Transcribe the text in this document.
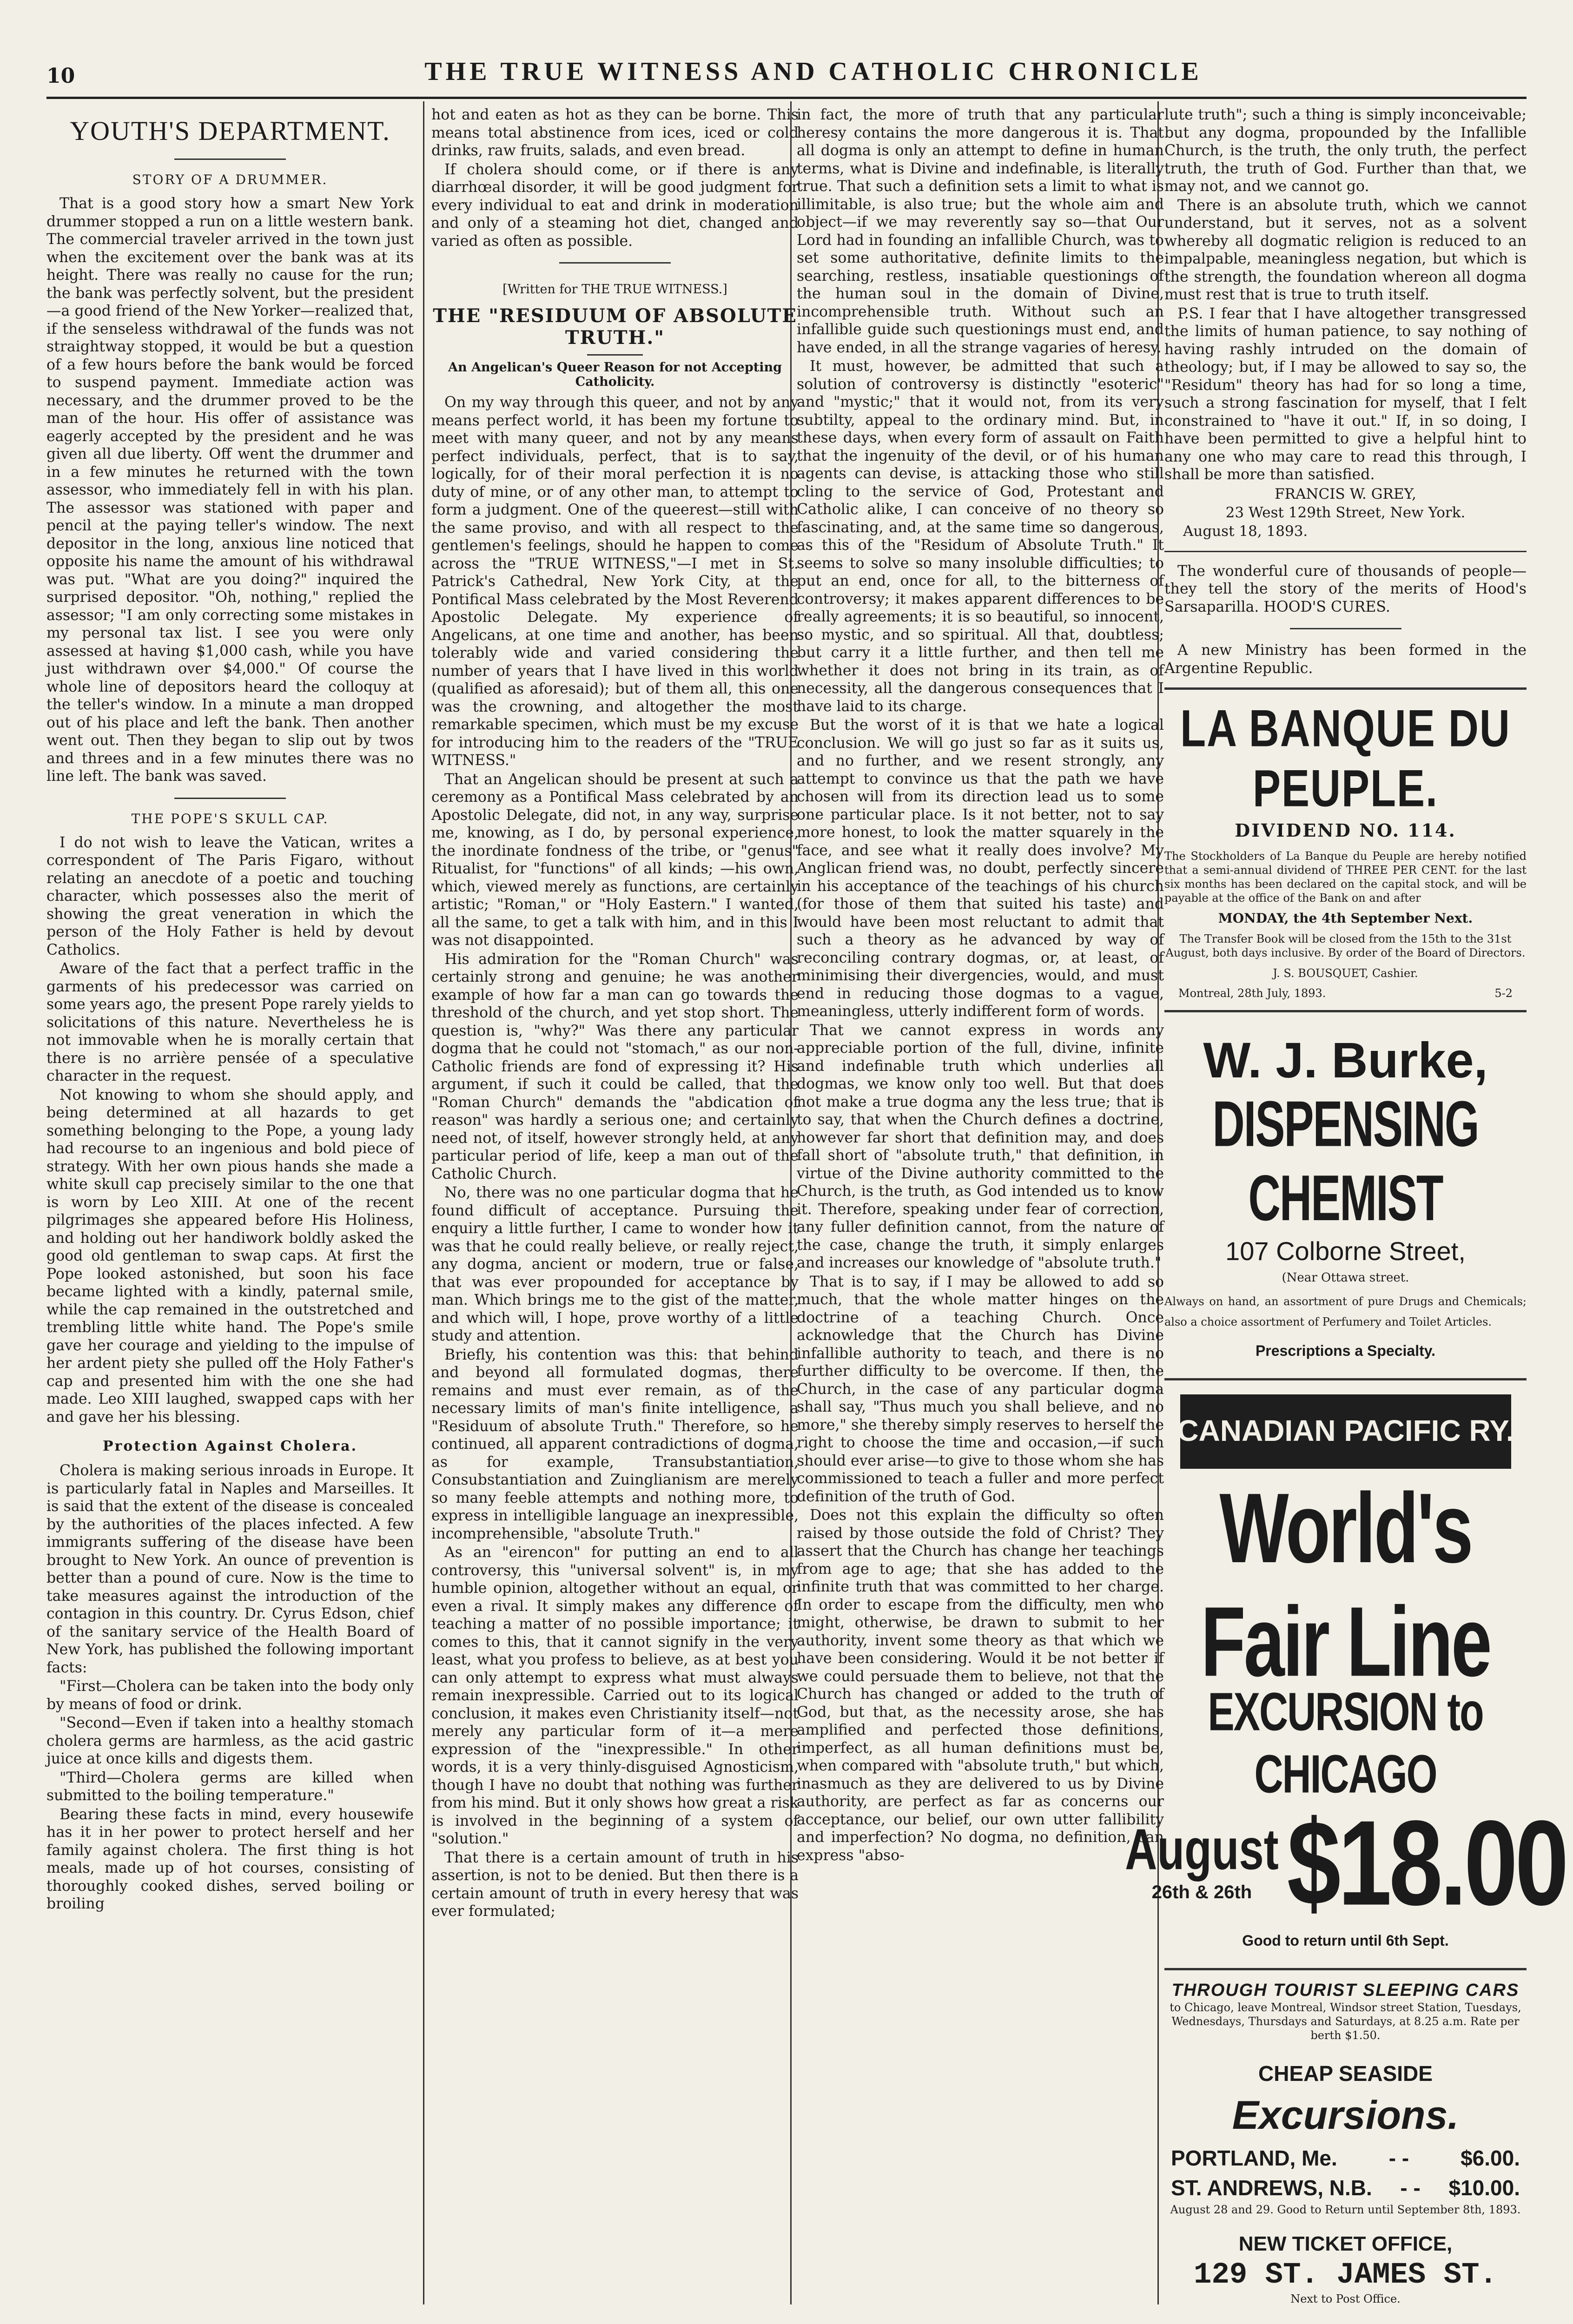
10	THE TRUE WITNESS AND CATHOLIC CHRONICLE
YOUTH'S DEPARTMENT.
STORY OF A DRUMMER.

That is a good story how a smart New York drummer stopped a run on a little western bank. The commercial traveler arrived in the town just when the excitement over the bank was at its height. There was really no cause for the run; the bank was perfectly solvent, but the president—a good friend of the New Yorker—realized that, if the senseless withdrawal of the funds was not straightway stopped, it would be but a question of a few hours before the bank would be forced to suspend payment. Immediate action was necessary, and the drummer proved to be the man of the hour. His offer of assistance was eagerly accepted by the president and he was given all due liberty. Off went the drummer and in a few minutes he returned with the town assessor, who immediately fell in with his plan. The assessor was stationed with paper and pencil at the paying teller's window. The next depositor in the long, anxious line noticed that opposite his name the amount of his withdrawal was put. "What are you doing?" inquired the surprised depositor. "Oh, nothing," replied the assessor; "I am only correcting some mistakes in my personal tax list. I see you were only assessed at having $1,000 cash, while you have just withdrawn over $4,000." Of course the whole line of depositors heard the colloquy at the teller's window. In a minute a man dropped out of his place and left the bank. Then another went out. Then they began to slip out by twos and threes and in a few minutes there was no line left. The bank was saved.

THE POPE'S SKULL CAP.

I do not wish to leave the Vatican, writes a correspondent of The Paris Figaro, without relating an anecdote of a poetic and touching character, which possesses also the merit of showing the great veneration in which the person of the Holy Father is held by devout Catholics.

Aware of the fact that a perfect traffic in the garments of his predecessor was carried on some years ago, the present Pope rarely yields to solicitations of this nature. Nevertheless he is not immovable when he is morally certain that there is no arrière pensée of a speculative character in the request.

Not knowing to whom she should apply, and being determined at all hazards to get something belonging to the Pope, a young lady had recourse to an ingenious and bold piece of strategy. With her own pious hands she made a white skull cap precisely similar to the one that is worn by Leo XIII. At one of the recent pilgrimages she appeared before His Holiness, and holding out her handiwork boldly asked the good old gentleman to swap caps. At first the Pope looked astonished, but soon his face became lighted with a kindly, paternal smile, while the cap remained in the outstretched and trembling little white hand. The Pope's smile gave her courage and yielding to the impulse of her ardent piety she pulled off the Holy Father's cap and presented him with the one she had made. Leo XIII laughed, swapped caps with her and gave her his blessing.

Protection Against Cholera.

Cholera is making serious inroads in Europe. It is particularly fatal in Naples and Marseilles. It is said that the extent of the disease is concealed by the authorities of the places infected. A few immigrants suffering of the disease have been brought to New York. An ounce of prevention is better than a pound of cure. Now is the time to take measures against the introduction of the contagion in this country. Dr. Cyrus Edson, chief of the sanitary service of the Health Board of New York, has published the following important facts:

"First—Cholera can be taken into the body only by means of food or drink.

"Second—Even if taken into a healthy stomach cholera germs are harmless, as the acid gastric juice at once kills and digests them.

"Third—Cholera germs are killed when submitted to the boiling temperature."

Bearing these facts in mind, every housewife has it in her power to protect herself and her family against cholera. The first thing is hot meals, made up of hot courses, consisting of thoroughly cooked dishes, served boiling or broiling

hot and eaten as hot as they can be borne. This means total abstinence from ices, iced or cold drinks, raw fruits, salads, and even bread.

If cholera should come, or if there is any diarrhœal disorder, it will be good judgment for every individual to eat and drink in moderation and only of a steaming hot diet, changed and varied as often as possible.

[Written for THE TRUE WITNESS.]
THE "RESIDUUM OF ABSOLUTE TRUTH."
An Angelican's Queer Reason for not Accepting Catholicity.

On my way through this queer, and not by any means perfect world, it has been my fortune to meet with many queer, and not by any means perfect individuals, perfect, that is to say, logically, for of their moral perfection it is no duty of mine, or of any other man, to attempt to form a judgment. One of the queerest—still with the same proviso, and with all respect to the gentlemen's feelings, should he happen to come across the "TRUE WITNESS,"—I met in St. Patrick's Cathedral, New York City, at the Pontifical Mass celebrated by the Most Reverend Apostolic Delegate. My experience of Angelicans, at one time and another, has been tolerably wide and varied considering the number of years that I have lived in this world (qualified as aforesaid); but of them all, this one was the crowning, and altogether the most remarkable specimen, which must be my excuse for introducing him to the readers of the "TRUE WITNESS."

That an Angelican should be present at such a ceremony as a Pontifical Mass celebrated by an Apostolic Delegate, did not, in any way, surprise me, knowing, as I do, by personal experience, the inordinate fondness of the tribe, or "genus" Ritualist, for "functions" of all kinds; —his own, which, viewed merely as functions, are certainly artistic; "Roman," or "Holy Eastern." I wanted, all the same, to get a talk with him, and in this I was not disappointed.

His admiration for the "Roman Church" was certainly strong and genuine; he was another example of how far a man can go towards the threshold of the church, and yet stop short. The question is, "why?" Was there any particular dogma that he could not "stomach," as our non-Catholic friends are fond of expressing it? His argument, if such it could be called, that the "Roman Church" demands the "abdication of reason" was hardly a serious one; and certainly need not, of itself, however strongly held, at any particular period of life, keep a man out of the Catholic Church.

No, there was no one particular dogma that he found difficult of acceptance. Pursuing the enquiry a little further, I came to wonder how it was that he could really believe, or really reject, any dogma, ancient or modern, true or false, that was ever propounded for acceptance by man. Which brings me to the gist of the matter, and which will, I hope, prove worthy of a little study and attention.

Briefly, his contention was this: that behind and beyond all formulated dogmas, there remains and must ever remain, as of the necessary limits of man's finite intelligence, a "Residuum of absolute Truth." Therefore, so he continued, all apparent contradictions of dogma, as for example, Transubstantiation, Consubstantiation and Zuinglianism are merely so many feeble attempts and nothing more, to express in intelligible language an inexpressible, incomprehensible, "absolute Truth."

As an "eirencon" for putting an end to all controversy, this "universal solvent" is, in my humble opinion, altogether without an equal, or even a rival. It simply makes any difference of teaching a matter of no possible importance; it comes to this, that it cannot signify in the very least, what you profess to believe, as at best you can only attempt to express what must always remain inexpressible. Carried out to its logical conclusion, it makes even Christianity itself—not merely any particular form of it—a mere expression of the "inexpressible." In other words, it is a very thinly-disguised Agnosticism, though I have no doubt that nothing was further from his mind. But it only shows how great a risk is involved in the beginning of a system of "solution."

That there is a certain amount of truth in his assertion, is not to be denied. But then there is a certain amount of truth in every heresy that was ever formulated;

in fact, the more of truth that any particular heresy contains the more dangerous it is. That all dogma is only an attempt to define in human terms, what is Divine and indefinable, is literally true. That such a definition sets a limit to what is illimitable, is also true; but the whole aim and object—if we may reverently say so—that Our Lord had in founding an infallible Church, was to set some authoritative, definite limits to the searching, restless, insatiable questionings of the human soul in the domain of Divine, incomprehensible truth. Without such an infallible guide such questionings must end, and have ended, in all the strange vagaries of heresy.

It must, however, be admitted that such a solution of controversy is distinctly "esoteric" and "mystic;" that it would not, from its very subtilty, appeal to the ordinary mind. But, in these days, when every form of assault on Faith that the ingenuity of the devil, or of his human agents can devise, is attacking those who still cling to the service of God, Protestant and Catholic alike, I can conceive of no theory so fascinating, and, at the same time so dangerous, as this of the "Residum of Absolute Truth." It seems to solve so many insoluble difficulties; to put an end, once for all, to the bitterness of controversy; it makes apparent differences to be really agreements; it is so beautiful, so innocent, so mystic, and so spiritual. All that, doubtless; but carry it a little further, and then tell me whether it does not bring in its train, as of necessity, all the dangerous consequences that I have laid to its charge.

But the worst of it is that we hate a logical conclusion. We will go just so far as it suits us, and no further, and we resent strongly, any attempt to convince us that the path we have chosen will from its direction lead us to some one particular place. Is it not better, not to say more honest, to look the matter squarely in the face, and see what it really does involve? My Anglican friend was, no doubt, perfectly sincere in his acceptance of the teachings of his church (for those of them that suited his taste) and would have been most reluctant to admit that such a theory as he advanced by way of reconciling contrary dogmas, or, at least, of minimising their divergencies, would, and must end in reducing those dogmas to a vague, meaningless, utterly indifferent form of words.

That we cannot express in words any appreciable portion of the full, divine, infinite and indefinable truth which underlies all dogmas, we know only too well. But that does not make a true dogma any the less true; that is to say, that when the Church defines a doctrine, however far short that definition may, and does fall short of "absolute truth," that definition, in virtue of the Divine authority committed to the Church, is the truth, as God intended us to know it. Therefore, speaking under fear of correction, any fuller definition cannot, from the nature of the case, change the truth, it simply enlarges and increases our knowledge of "absolute truth."

That is to say, if I may be allowed to add so much, that the whole matter hinges on the doctrine of a teaching Church. Once acknowledge that the Church has Divine infallible authority to teach, and there is no further difficulty to be overcome. If then, the Church, in the case of any particular dogma shall say, "Thus much you shall believe, and no more," she thereby simply reserves to herself the right to choose the time and occasion,—if such should ever arise—to give to those whom she has commissioned to teach a fuller and more perfect definition of the truth of God.

Does not this explain the difficulty so often raised by those outside the fold of Christ? They assert that the Church has change her teachings from age to age; that she has added to the infinite truth that was committed to her charge. In order to escape from the difficulty, men who might, otherwise, be drawn to submit to her authority, invent some theory as that which we have been considering. Would it be not better if we could persuade them to believe, not that the Church has changed or added to the truth of God, but that, as the necessity arose, she has amplified and perfected those definitions, imperfect, as all human definitions must be, when compared with "absolute truth," but which, inasmuch as they are delivered to us by Divine authority, are perfect as far as concerns our acceptance, our belief, our own utter fallibility and imperfection? No dogma, no definition, can express "abso-

lute truth"; such a thing is simply inconceivable; but any dogma, propounded by the Infallible Church, is the truth, the only truth, the perfect truth, the truth of God. Further than that, we may not, and we cannot go.

There is an absolute truth, which we cannot understand, but it serves, not as a solvent whereby all dogmatic religion is reduced to an impalpable, meaningless negation, but which is the strength, the foundation whereon all dogma must rest that is true to truth itself.

P.S. I fear that I have altogether transgressed the limits of human patience, to say nothing of having rashly intruded on the domain of theology; but, if I may be allowed to say so, the "Residum" theory has had for so long a time, such a strong fascination for myself, that I felt constrained to "have it out." If, in so doing, I have been permitted to give a helpful hint to any one who may care to read this through, I shall be more than satisfied.

FRANCIS W. GREY,
23 West 129th Street, New York.
August 18, 1893.

The wonderful cure of thousands of people—they tell the story of the merits of Hood's Sarsaparilla. HOOD'S CURES.

A new Ministry has been formed in the Argentine Republic.

LA BANQUE DU PEUPLE.
DIVIDEND NO. 114.

The Stockholders of La Banque du Peuple are hereby notified that a semi-annual dividend of THREE PER CENT. for the last six months has been declared on the capital stock, and will be payable at the office of the Bank on and after

MONDAY, the 4th September Next.

The Transfer Book will be closed from the 15th to the 31st August, both days inclusive. By order of the Board of Directors.

J. S. BOUSQUET, Cashier.

Montreal, 28th July, 1893.	5-2
W. J. Burke,
DISPENSING CHEMIST
107 Colborne Street,

(Near Ottawa street.

Always on hand, an assortment of pure Drugs and Chemicals; also a choice assortment of Perfumery and Toilet Articles.

Prescriptions a Specialty.
CANADIAN PACIFIC RY.
World's Fair Line
EXCURSION to CHICAGO
August
26th & 26th $18.00
Good to return until 6th Sept.
THROUGH TOURIST SLEEPING CARS

to Chicago, leave Montreal, Windsor street Station, Tuesdays, Wednesdays, Thursdays and Saturdays, at 8.25 a.m. Rate per berth $1.50.

CHEAP SEASIDE
Excursions.
PORTLAND, Me. - - $6.00.
ST. ANDREWS, N.B. - - $10.00.

August 28 and 29. Good to Return until September 8th, 1893.

NEW TICKET OFFICE,
129 ST. JAMES ST.

Next to Post Office.
